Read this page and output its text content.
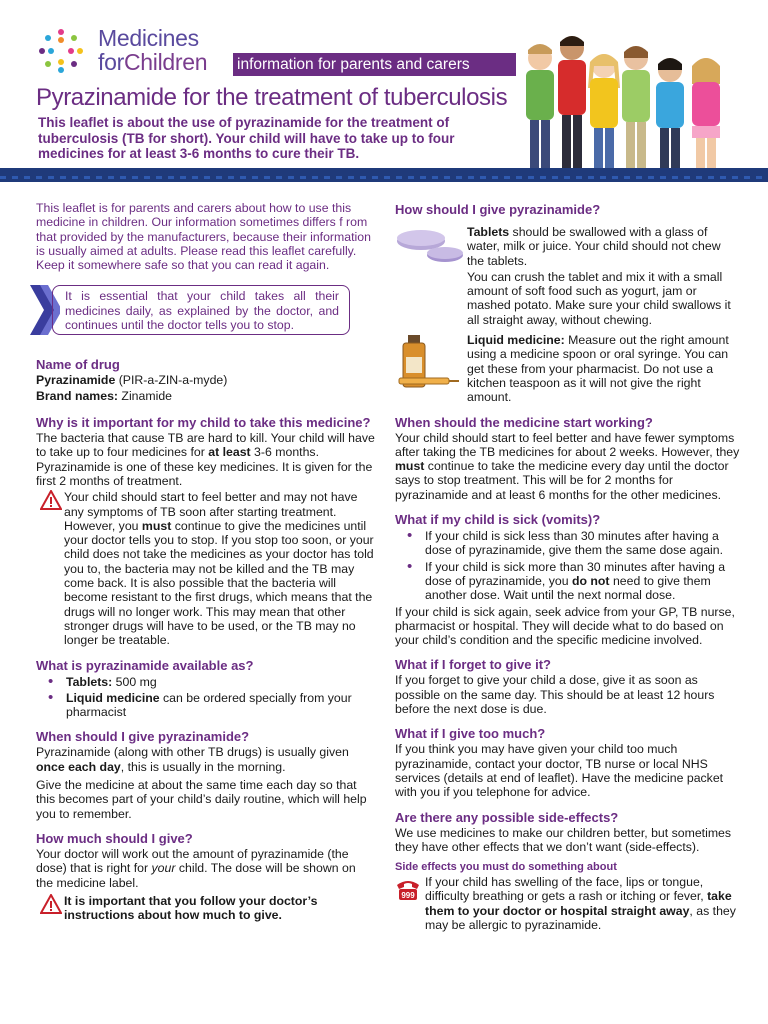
Medicines
forChildren information for parents and carers
Pyrazinamide for the treatment of tuberculosis
This leaflet is about the use of pyrazinamide for the treatment of tuberculosis (TB for short). Your child will have to take up to four medicines for at least 3-6 months to cure their TB.

This leaflet is for parents and carers about how to use this medicine in children. Our information sometimes differs f rom that provided by the manufacturers, because their information is usually aimed at adults. Please read this leaflet carefully. Keep it somewhere safe so that you can read it again.

It is essential that your child takes all their medicines daily, as explained by the doctor, and continues until the doctor tells you to stop.
Name of drug

Pyrazinamide (PIR-a-ZIN-a-myde)

Brand names: Zinamide

Why is it important for my child to take this medicine?

The bacteria that cause TB are hard to kill. Your child will have to take up to four medicines for at least 3-6 months. Pyrazinamide is one of these key medicines. It is given for the first 2 months of treatment.

Your child should start to feel better and may not have any symptoms of TB soon after starting treatment. However, you must continue to give the medicines until your doctor tells you to stop. If you stop too soon, or your child does not take the medicines as your doctor has told you to, the bacteria may not be killed and the TB may come back. It is also possible that the bacteria will become resistant to the first drugs, which means that the drugs will no longer work. This may mean that other stronger drugs will have to be used, or the TB may no longer be treatable.
What is pyrazinamide available as?
• Tablets: 500 mg
• Liquid medicine can be ordered specially from your pharmacist
When should I give pyrazinamide?

Pyrazinamide (along with other TB drugs) is usually given once each day, this is usually in the morning.

Give the medicine at about the same time each day so that this becomes part of your child’s daily routine, which will help you to remember.

How much should I give?

Your doctor will work out the amount of pyrazinamide (the dose) that is right for your child. The dose will be shown on the medicine label.

It is important that you follow your doctor’s instructions about how much to give.
How should I give pyrazinamide?

Tablets should be swallowed with a glass of water, milk or juice. Your child should not chew the tablets.

You can crush the tablet and mix it with a small amount of soft food such as yogurt, jam or mashed potato. Make sure your child swallows it all straight away, without chewing.

Liquid medicine: Measure out the right amount using a medicine spoon or oral syringe. You can get these from your pharmacist. Do not use a kitchen teaspoon as it will not give the right amount.

When should the medicine start working?

Your child should start to feel better and have fewer symptoms after taking the TB medicines for about 2 weeks. However, they must continue to take the medicine every day until the doctor says to stop treatment. This will be for 2 months for pyrazinamide and at least 6 months for the other medicines.

What if my child is sick (vomits)?
• If your child is sick less than 30 minutes after having a dose of pyrazinamide, give them the same dose again.
• If your child is sick more than 30 minutes after having a dose of pyrazinamide, you do not need to give them another dose. Wait until the next normal dose.

If your child is sick again, seek advice from your GP, TB nurse, pharmacist or hospital. They will decide what to do based on your child’s condition and the specific medicine involved.

What if I forget to give it?

If you forget to give your child a dose, give it as soon as possible on the same day. This should be at least 12 hours before the next dose is due.

What if I give too much?

If you think you may have given your child too much pyrazinamide, contact your doctor, TB nurse or local NHS services (details at end of leaflet). Have the medicine packet with you if you telephone for advice.

Are there any possible side-effects?

We use medicines to make our children better, but sometimes they have other effects that we don’t want (side-effects).

Side effects you must do something about
999
If your child has swelling of the face, lips or tongue, difficulty breathing or gets a rash or itching or fever, take them to your doctor or hospital straight away, as they may be allergic to pyrazinamide.
